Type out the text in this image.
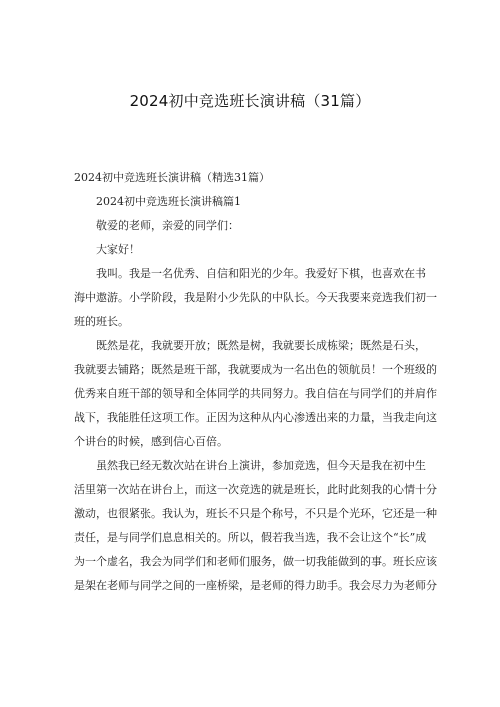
2024初中竞选班长演讲稿（31篇）
2024初中竞选班长演讲稿（精选31篇）
2024初中竞选班长演讲稿篇1
敬爱的老师，亲爱的同学们：
大家好！
我叫。我是一名优秀、自信和阳光的少年。我爱好下棋，也喜欢在书
海中遨游。小学阶段，我是附小少先队的中队长。今天我要来竞选我们初一
班的班长。
既然是花，我就要开放；既然是树，我就要长成栋梁；既然是石头，
我就要去铺路；既然是班干部，我就要成为一名出色的领航员！一个班级的
优秀来自班干部的领导和全体同学的共同努力。我自信在与同学们的并肩作
战下，我能胜任这项工作。正因为这种从内心渗透出来的力量，当我走向这
个讲台的时候，感到信心百倍。
虽然我已经无数次站在讲台上演讲，参加竞选，但今天是我在初中生
活里第一次站在讲台上，而这一次竞选的就是班长，此时此刻我的心情十分
激动，也很紧张。我认为，班长不只是个称号，不只是个光环，它还是一种
责任，是与同学们息息相关的。所以，假若我当选，我不会让这个“长”成
为一个虚名，我会为同学们和老师们服务，做一切我能做到的事。班长应该
是架在老师与同学之间的一座桥梁，是老师的得力助手。我会尽力为老师分
